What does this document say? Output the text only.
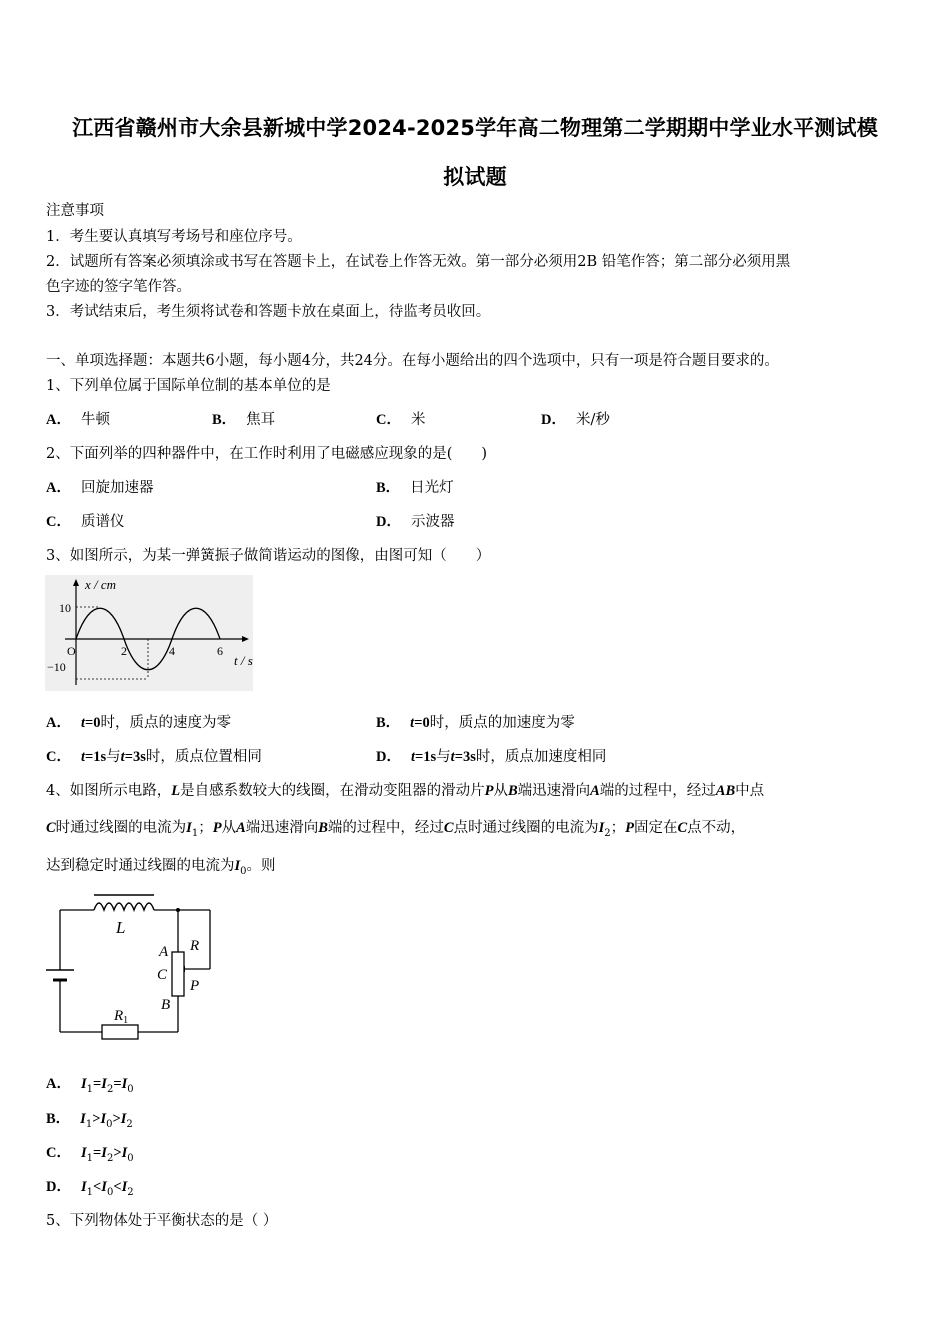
江西省赣州市大余县新城中学2024-2025学年高二物理第二学期期中学业水平测试模
拟试题
注意事项
1．考生要认真填写考场号和座位序号。
2．试题所有答案必须填涂或书写在答题卡上，在试卷上作答无效。第一部分必须用2B 铅笔作答；第二部分必须用黑
色字迹的签字笔作答。
3．考试结束后，考生须将试卷和答题卡放在桌面上，待监考员收回。
一、单项选择题：本题共6小题，每小题4分，共24分。在每小题给出的四个选项中，只有一项是符合题目要求的。
1、下列单位属于国际单位制的基本单位的是
A． 牛顿	B． 焦耳	C． 米	D． 米/秒
2、下面列举的四种器件中，在工作时利用了电磁感应现象的是(　　)
A． 回旋加速器	B． 日光灯
C． 质谱仪	D． 示波器
3、如图所示，为某一弹簧振子做简谐运动的图像，由图可知（　　）
x / cm
10
−10
O	2	4	6
t / s
A． t=0时，质点的速度为零	B． t=0时，质点的加速度为零
C． t=1s与t=3s时，质点位置相同	D． t=1s与t=3s时，质点加速度相同
4、如图所示电路，L是自感系数较大的线圈，在滑动变阻器的滑动片P从B端迅速滑向A端的过程中，经过AB中点
C时通过线圈的电流为$I_1$；P从A端迅速滑向B端的过程中，经过C点时通过线圈的电流为$I_2$；P固定在C点不动，
达到稳定时通过线圈的电流为$I_0$。则
L
R
A
C
P
B
$R_1$
A． $I_1=I_2=I_0$
B． $I_1>I_0>I_2$
C． $I_1=I_2>I_0$
D． $I_1<I_0<I_2$
5、下列物体处于平衡状态的是（ ）
